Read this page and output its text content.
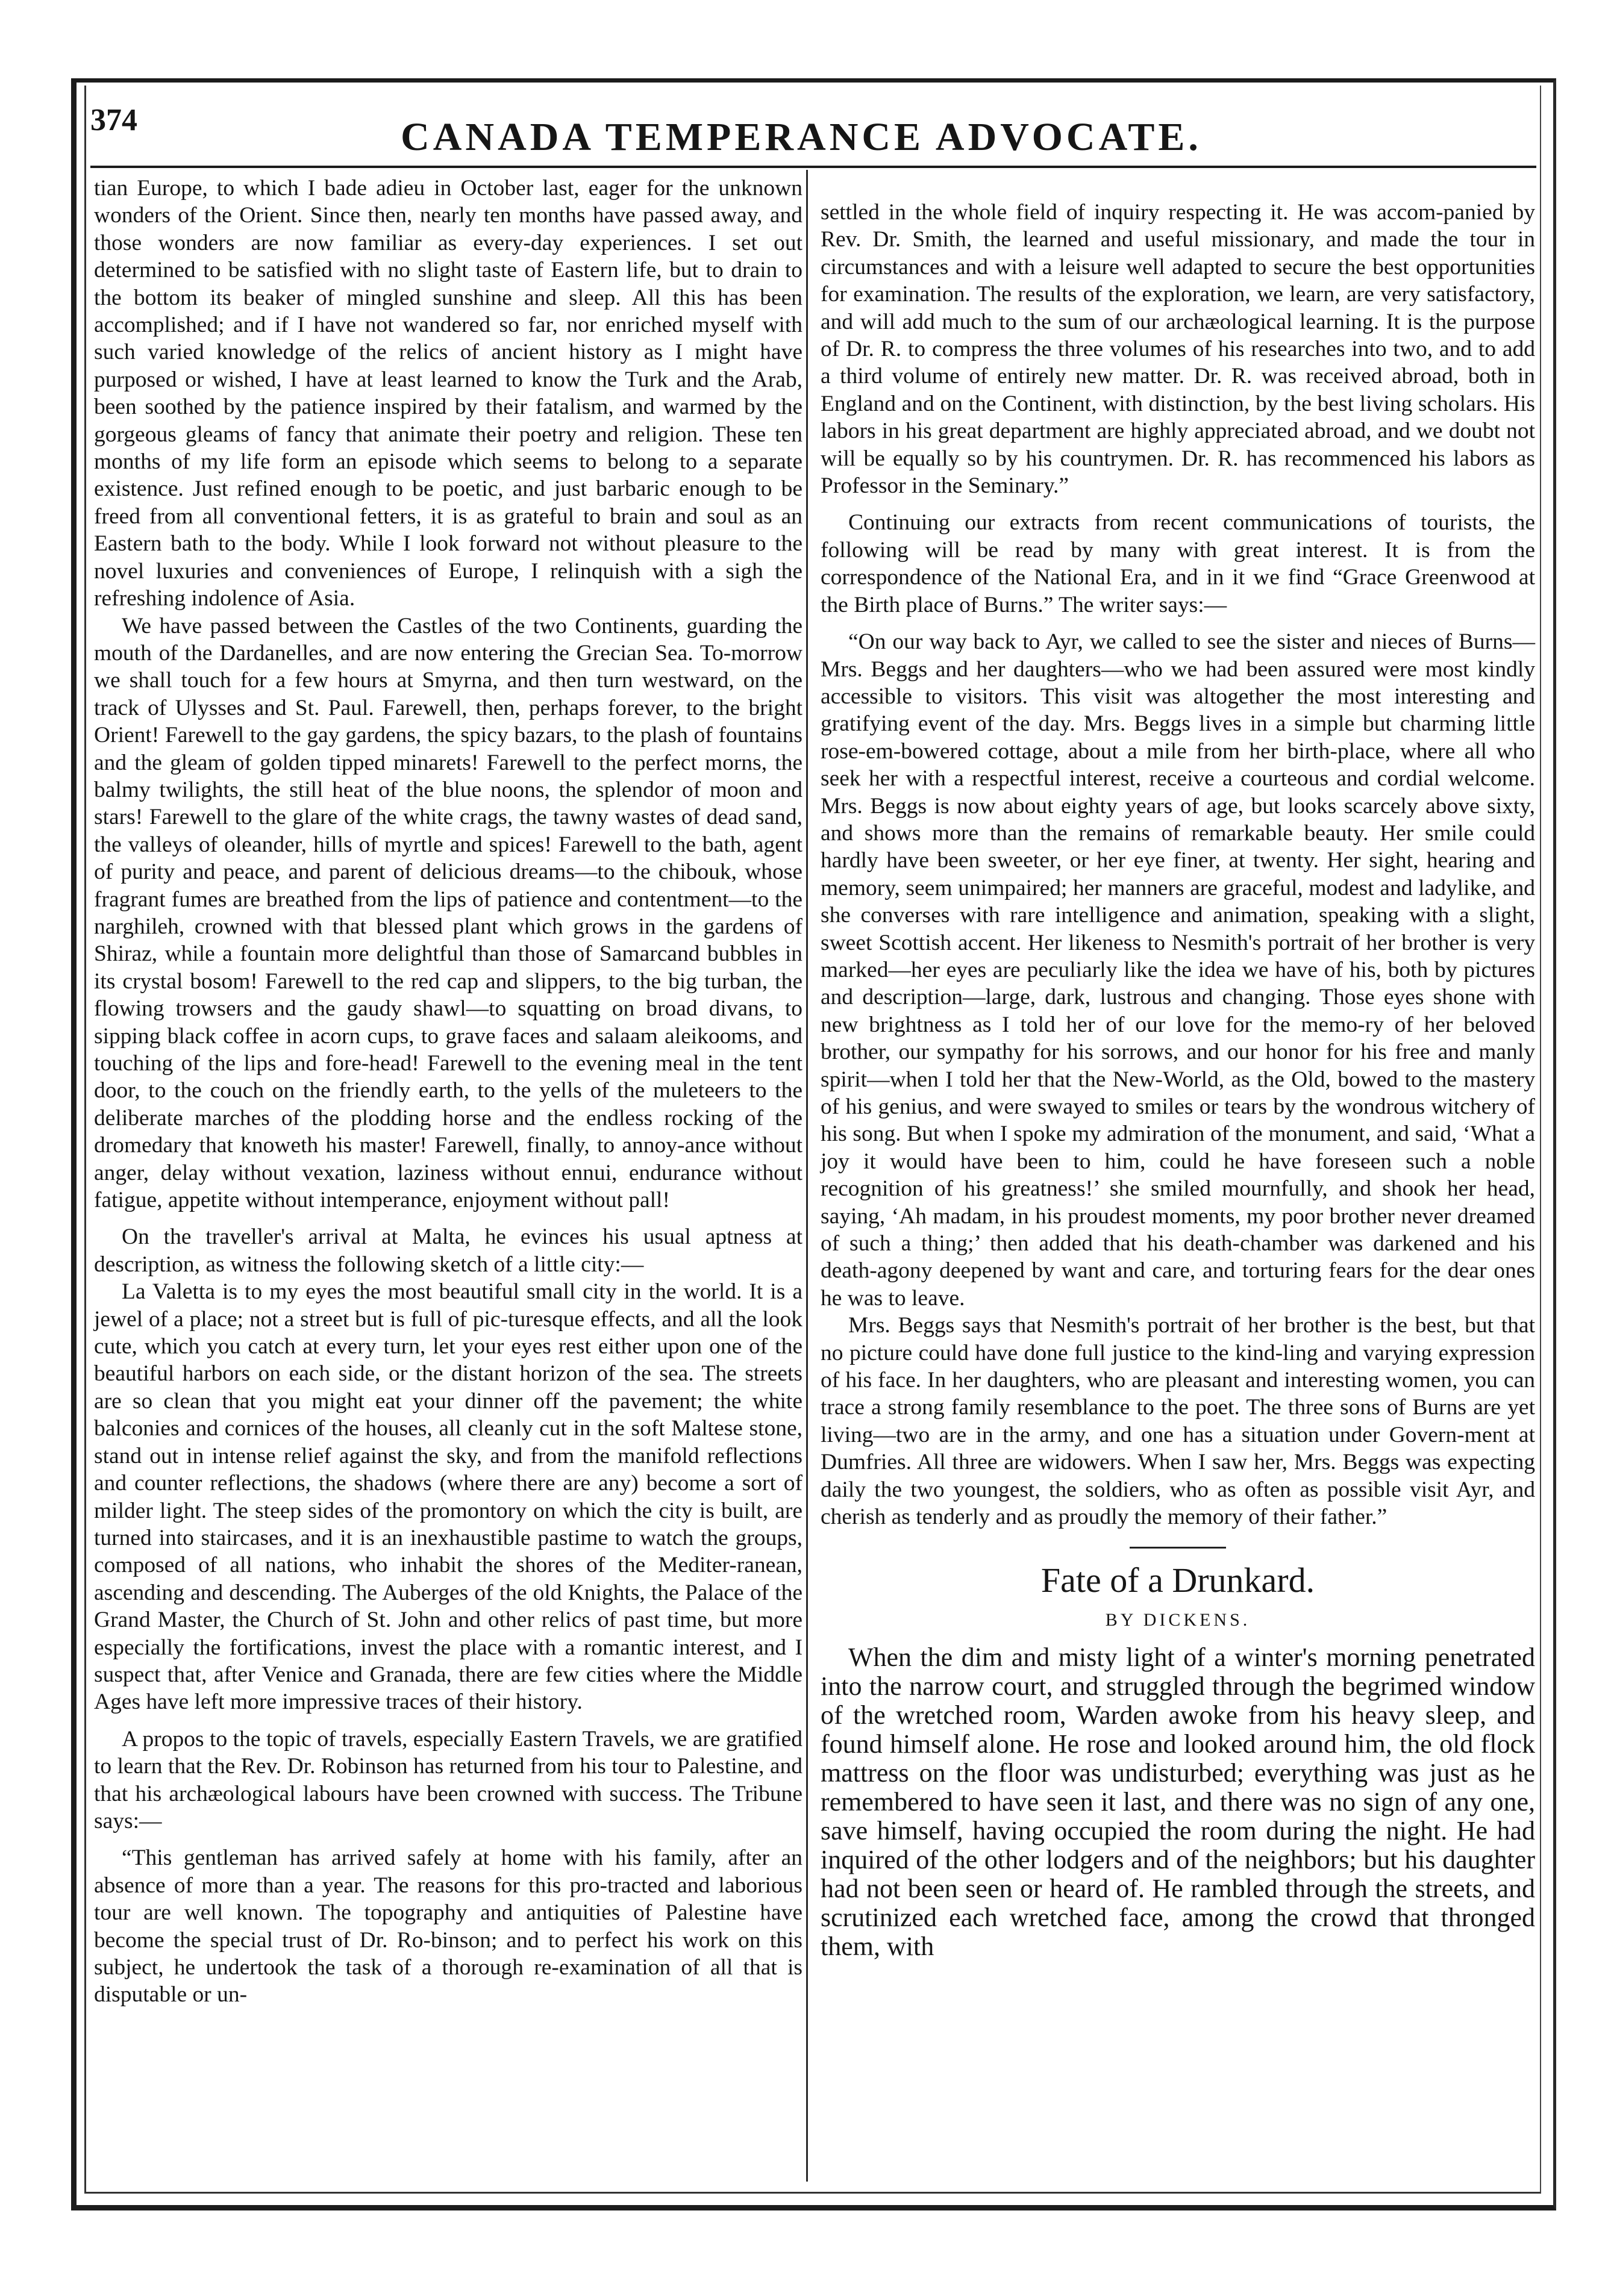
374	CANADA TEMPERANCE ADVOCATE.

tian Europe, to which I bade adieu in October last, eager for the unknown wonders of the Orient. Since then, nearly ten months have passed away, and those wonders are now familiar as every-day experiences. I set out determined to be satisfied with no slight taste of Eastern life, but to drain to the bottom its beaker of mingled sunshine and sleep. All this has been accomplished; and if I have not wandered so far, nor enriched myself with such varied knowledge of the relics of ancient history as I might have purposed or wished, I have at least learned to know the Turk and the Arab, been soothed by the patience inspired by their fatalism, and warmed by the gorgeous gleams of fancy that animate their poetry and religion. These ten months of my life form an episode which seems to belong to a separate existence. Just refined enough to be poetic, and just barbaric enough to be freed from all conventional fetters, it is as grateful to brain and soul as an Eastern bath to the body. While I look forward not without pleasure to the novel luxuries and conveniences of Europe, I relinquish with a sigh the refreshing indolence of Asia.

We have passed between the Castles of the two Continents, guarding the mouth of the Dardanelles, and are now entering the Grecian Sea. To-morrow we shall touch for a few hours at Smyrna, and then turn westward, on the track of Ulysses and St. Paul. Farewell, then, perhaps forever, to the bright Orient! Farewell to the gay gardens, the spicy bazars, to the plash of fountains and the gleam of golden tipped minarets! Farewell to the perfect morns, the balmy twilights, the still heat of the blue noons, the splendor of moon and stars! Farewell to the glare of the white crags, the tawny wastes of dead sand, the valleys of oleander, hills of myrtle and spices! Farewell to the bath, agent of purity and peace, and parent of delicious dreams—to the chibouk, whose fragrant fumes are breathed from the lips of patience and contentment—to the narghileh, crowned with that blessed plant which grows in the gardens of Shiraz, while a fountain more delightful than those of Samarcand bubbles in its crystal bosom! Farewell to the red cap and slippers, to the big turban, the flowing trowsers and the gaudy shawl—to squatting on broad divans, to sipping black coffee in acorn cups, to grave faces and salaam aleikooms, and touching of the lips and fore-head! Farewell to the evening meal in the tent door, to the couch on the friendly earth, to the yells of the muleteers to the deliberate marches of the plodding horse and the endless rocking of the dromedary that knoweth his master! Farewell, finally, to annoy-ance without anger, delay without vexation, laziness without ennui, endurance without fatigue, appetite without intemperance, enjoyment without pall!

On the traveller's arrival at Malta, he evinces his usual aptness at description, as witness the following sketch of a little city:—

La Valetta is to my eyes the most beautiful small city in the world. It is a jewel of a place; not a street but is full of pic-turesque effects, and all the look cute, which you catch at every turn, let your eyes rest either upon one of the beautiful harbors on each side, or the distant horizon of the sea. The streets are so clean that you might eat your dinner off the pavement; the white balconies and cornices of the houses, all cleanly cut in the soft Maltese stone, stand out in intense relief against the sky, and from the manifold reflections and counter reflections, the shadows (where there are any) become a sort of milder light. The steep sides of the promontory on which the city is built, are turned into staircases, and it is an inexhaustible pastime to watch the groups, composed of all nations, who inhabit the shores of the Mediter-ranean, ascending and descending. The Auberges of the old Knights, the Palace of the Grand Master, the Church of St. John and other relics of past time, but more especially the fortifications, invest the place with a romantic interest, and I suspect that, after Venice and Granada, there are few cities where the Middle Ages have left more impressive traces of their history.

A propos to the topic of travels, especially Eastern Travels, we are gratified to learn that the Rev. Dr. Robinson has returned from his tour to Palestine, and that his archæological labours have been crowned with success. The Tribune says:—

“This gentleman has arrived safely at home with his family, after an absence of more than a year. The reasons for this pro-tracted and laborious tour are well known. The topography and antiquities of Palestine have become the special trust of Dr. Ro-binson; and to perfect his work on this subject, he undertook the task of a thorough re-examination of all that is disputable or un-

settled in the whole field of inquiry respecting it. He was accom-panied by Rev. Dr. Smith, the learned and useful missionary, and made the tour in circumstances and with a leisure well adapted to secure the best opportunities for examination. The results of the exploration, we learn, are very satisfactory, and will add much to the sum of our archæological learning. It is the purpose of Dr. R. to compress the three volumes of his researches into two, and to add a third volume of entirely new matter. Dr. R. was received abroad, both in England and on the Continent, with distinction, by the best living scholars. His labors in his great department are highly appreciated abroad, and we doubt not will be equally so by his countrymen. Dr. R. has recommenced his labors as Professor in the Seminary.”

Continuing our extracts from recent communications of tourists, the following will be read by many with great interest. It is from the correspondence of the National Era, and in it we find “Grace Greenwood at the Birth place of Burns.” The writer says:—

“On our way back to Ayr, we called to see the sister and nieces of Burns—Mrs. Beggs and her daughters—who we had been assured were most kindly accessible to visitors. This visit was altogether the most interesting and gratifying event of the day. Mrs. Beggs lives in a simple but charming little rose-em-bowered cottage, about a mile from her birth-place, where all who seek her with a respectful interest, receive a courteous and cordial welcome. Mrs. Beggs is now about eighty years of age, but looks scarcely above sixty, and shows more than the remains of remarkable beauty. Her smile could hardly have been sweeter, or her eye finer, at twenty. Her sight, hearing and memory, seem unimpaired; her manners are graceful, modest and ladylike, and she converses with rare intelligence and animation, speaking with a slight, sweet Scottish accent. Her likeness to Nesmith's portrait of her brother is very marked—her eyes are peculiarly like the idea we have of his, both by pictures and description—large, dark, lustrous and changing. Those eyes shone with new brightness as I told her of our love for the memo-ry of her beloved brother, our sympathy for his sorrows, and our honor for his free and manly spirit—when I told her that the New-World, as the Old, bowed to the mastery of his genius, and were swayed to smiles or tears by the wondrous witchery of his song. But when I spoke my admiration of the monument, and said, ‘What a joy it would have been to him, could he have foreseen such a noble recognition of his greatness!’ she smiled mournfully, and shook her head, saying, ‘Ah madam, in his proudest moments, my poor brother never dreamed of such a thing;’ then added that his death-chamber was darkened and his death-agony deepened by want and care, and torturing fears for the dear ones he was to leave.

Mrs. Beggs says that Nesmith's portrait of her brother is the best, but that no picture could have done full justice to the kind-ling and varying expression of his face. In her daughters, who are pleasant and interesting women, you can trace a strong family resemblance to the poet. The three sons of Burns are yet living—two are in the army, and one has a situation under Govern-ment at Dumfries. All three are widowers. When I saw her, Mrs. Beggs was expecting daily the two youngest, the soldiers, who as often as possible visit Ayr, and cherish as tenderly and as proudly the memory of their father.”

Fate of a Drunkard.
BY DICKENS.

When the dim and misty light of a winter's morning penetrated into the narrow court, and struggled through the begrimed window of the wretched room, Warden awoke from his heavy sleep, and found himself alone. He rose and looked around him, the old flock mattress on the floor was undisturbed; everything was just as he remembered to have seen it last, and there was no sign of any one, save himself, having occupied the room during the night. He had inquired of the other lodgers and of the neighbors; but his daughter had not been seen or heard of. He rambled through the streets, and scrutinized each wretched face, among the crowd that thronged them, with
